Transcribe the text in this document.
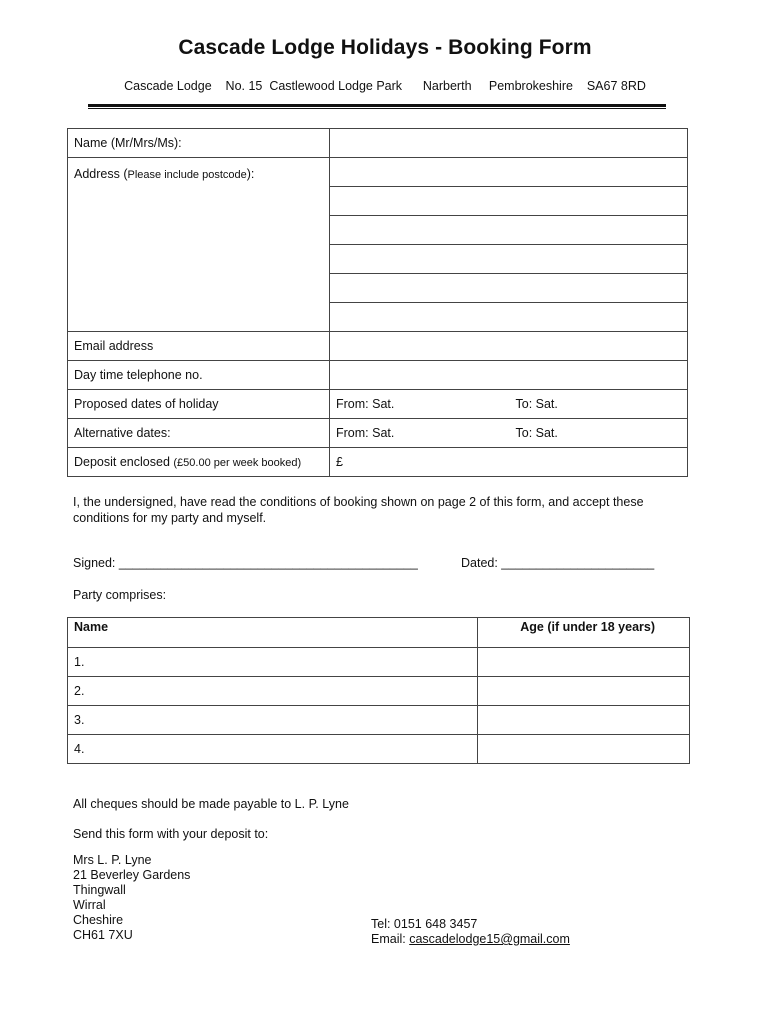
Cascade Lodge Holidays - Booking Form
Cascade Lodge    No. 15  Castlewood Lodge Park      Narberth     Pembrokeshire    SA67 8RD
Name (Mr/Mrs/Ms):		
Address (Please include postcode):		

Email address		
Day time telephone no.		
Proposed dates of holiday	From: Sat.	To: Sat.
Alternative dates:	From: Sat.	To: Sat.
Deposit enclosed (£50.00 per week booked)	£	
I, the undersigned, have read the conditions of booking shown on page 2 of this form, and accept these
conditions for my party and myself.
Signed: ___________________________________________	Dated: ______________________
Party comprises:
Name	Age (if under 18 years)
1.	
2.	
3.	
4.	
All cheques should be made payable to L. P. Lyne
Send this form with your deposit to:
Mrs L. P. Lyne
21 Beverley Gardens
Thingwall
Wirral
Cheshire
CH61 7XU
Tel: 0151 648 3457
Email: cascadelodge15@gmail.com
